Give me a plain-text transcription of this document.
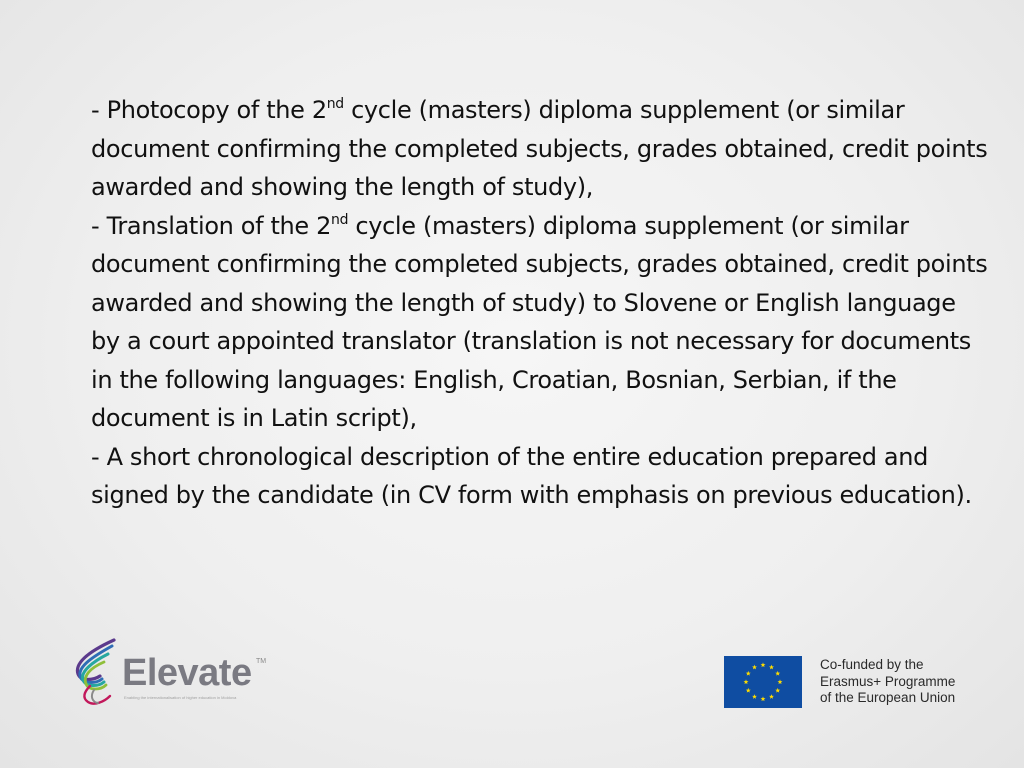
- Photocopy of the 2nd cycle (masters) diploma supplement (or similar document confirming the completed subjects, grades obtained, credit points awarded and showing the length of study),

- Translation of the 2nd cycle (masters) diploma supplement (or similar document confirming the completed subjects, grades obtained, credit points awarded and showing the length of study) to Slovene or English language by a court appointed translator (translation is not necessary for documents in the following languages: English, Croatian, Bosnian, Serbian, if the document is in Latin script),

- A short chronological description of the entire education prepared and signed by the candidate (in CV form with emphasis on previous education).

Elevate TM
Enabling the internationalisation of higher education in Moldova
Co-funded by the
Erasmus+ Programme
of the European Union
